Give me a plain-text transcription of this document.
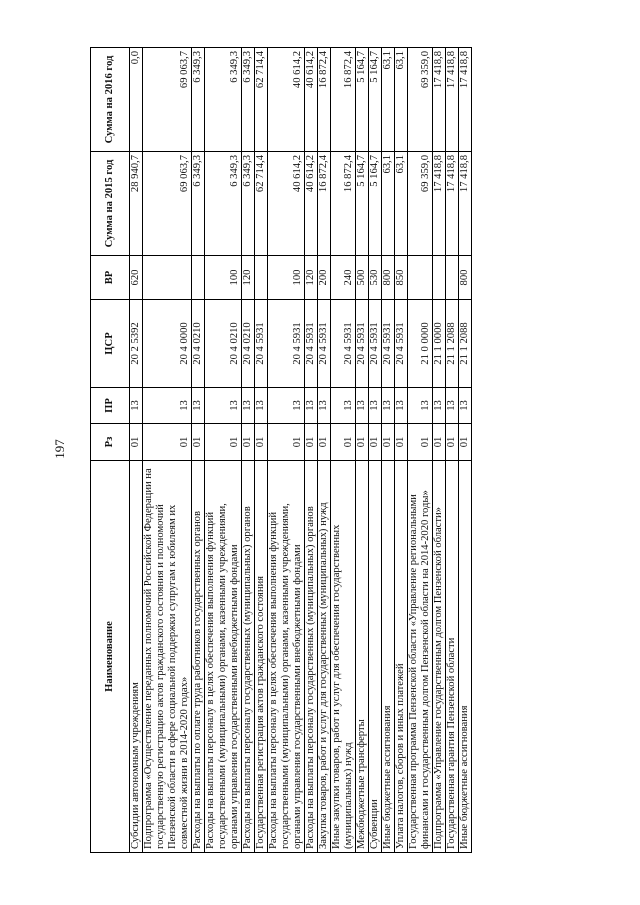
197
Наименование	Рз	ПР	ЦСР	ВР	Сумма на 2015 год	Сумма на 2016 год
Субсидии автономным учреждениям	01	13	20 2 5392	620	28 940,7	0,0
Подпрограмма «Осуществление переданных полномочий Российской Федерации на государственную регистрацию актов гражданского состояния и полномочий Пензенской области в сфере социальной поддержки супругам к юбилеям их совместной жизни в 2014-2020 годах»	01	13	20 4 0000		69 063,7	69 063,7
Расходы на выплаты по оплате труда работников государственных органов	01	13	20 4 0210		6 349,3	6 349,3
Расходы на выплаты персоналу в целях обеспечения выполнения функций государственными (муниципальными) органами, казенными учреждениями, органами управления государственными внебюджетными фондами	01	13	20 4 0210	100	6 349,3	6 349,3
Расходы на выплаты персоналу государственных (муниципальных) органов	01	13	20 4 0210	120	6 349,3	6 349,3
Государственная регистрация актов гражданского состояния	01	13	20 4 5931		62 714,4	62 714,4
Расходы на выплаты персоналу в целях обеспечения выполнения функций государственными (муниципальными) органами, казенными учреждениями, органами управления государственными внебюджетными фондами	01	13	20 4 5931	100	40 614,2	40 614,2
Расходы на выплаты персоналу государственных (муниципальных) органов	01	13	20 4 5931	120	40 614,2	40 614,2
Закупка товаров, работ и услуг для государственных (муниципальных) нужд	01	13	20 4 5931	200	16 872,4	16 872,4
Иные закупки товаров, работ и услуг для обеспечения государственных (муниципальных) нужд	01	13	20 4 5931	240	16 872,4	16 872,4
Межбюджетные трансферты	01	13	20 4 5931	500	5 164,7	5 164,7
Субвенции	01	13	20 4 5931	530	5 164,7	5 164,7
Иные бюджетные ассигнования	01	13	20 4 5931	800	63,1	63,1
Уплата налогов, сборов и иных платежей	01	13	20 4 5931	850	63,1	63,1
Государственная программа Пензенской области «Управление региональными финансами и государственным долгом Пензенской области на 2014-2020 годы»	01	13	21 0 0000		69 359,0	69 359,0
Подпрограмма «Управление государственным долгом Пензенской области»	01	13	21 1 0000		17 418,8	17 418,8
Государственная гарантия Пензенской области	01	13	21 1 2088		17 418,8	17 418,8
Иные бюджетные ассигнования	01	13	21 1 2088	800	17 418,8	17 418,8
